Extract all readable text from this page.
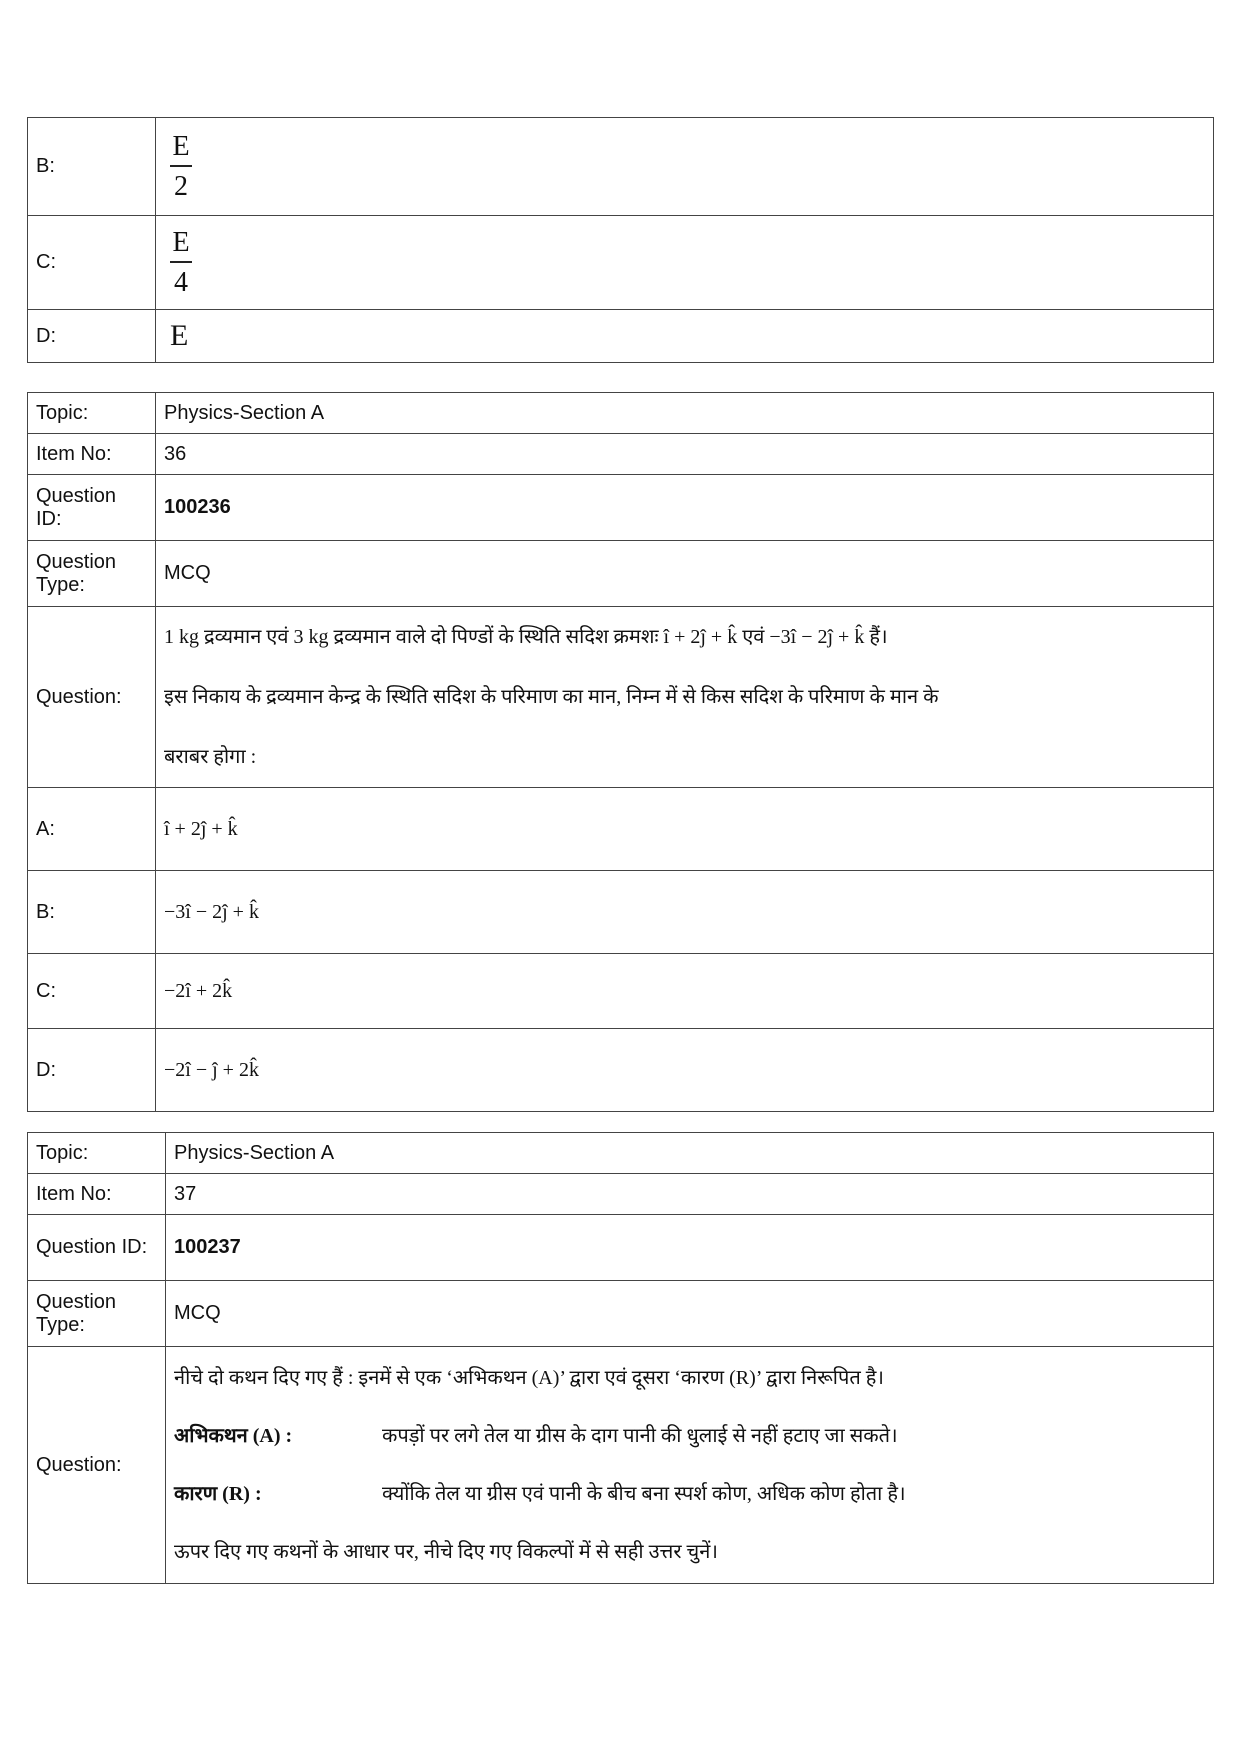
B:	$\frac{E}{2}$

C:	$\frac{E}{4}$

D:	E
Topic:	Physics-Section A
Item No:	36
Question ID:	100236
Question Type:	MCQ
Question:	1 kg द्रव्यमान एवं 3 kg द्रव्यमान वाले दो पिण्डों के स्थिति सदिश क्रमशः î + 2ĵ + k̂ एवं −3î − 2ĵ + k̂ हैं।

इस निकाय के द्रव्यमान केन्द्र के स्थिति सदिश के परिमाण का मान, निम्न में से किस सदिश के परिमाण के मान के

बराबर होगा :

A:	î + 2ĵ + k̂
B:	−3î − 2ĵ + k̂
C:	−2î + 2k̂
D:	−2î − ĵ + 2k̂
Topic:	Physics-Section A
Item No:	37
Question ID:	100237
Question Type:	MCQ
Question:	नीचे दो कथन दिए गए हैं : इनमें से एक ‘अभिकथन (A)’ द्वारा एवं दूसरा ‘कारण (R)’ द्वारा निरूपित है।

अभिकथन (A) : कपड़ों पर लगे तेल या ग्रीस के दाग पानी की धुलाई से नहीं हटाए जा सकते।

कारण (R) : क्योंकि तेल या ग्रीस एवं पानी के बीच बना स्पर्श कोण, अधिक कोण होता है।

ऊपर दिए गए कथनों के आधार पर, नीचे दिए गए विकल्पों में से सही उत्तर चुनें।
